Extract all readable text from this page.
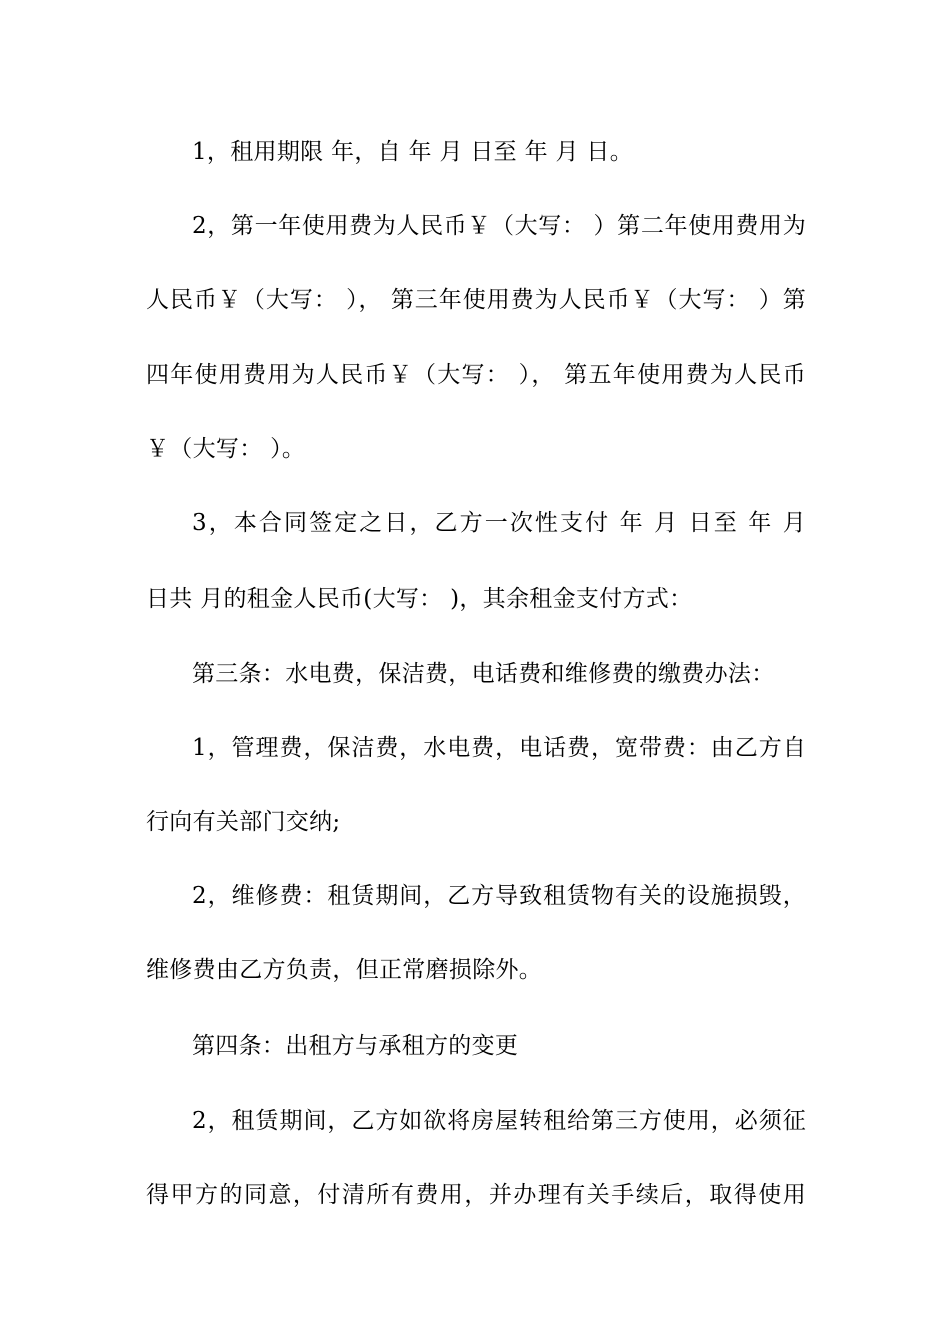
1，租用期限 年，自 年 月 日至 年 月 日。
2，第一年使用费为人民币￥（大写： ）第二年使用费用为
人民币￥（大写： ）， 第三年使用费为人民币￥（大写： ）第
四年使用费用为人民币￥（大写： ）， 第五年使用费为人民币
￥（大写： ）。
3，本合同签定之日，乙方一次性支付 年 月 日至 年 月
日共 月的租金人民币(大写： )，其余租金支付方式：
第三条：水电费，保洁费，电话费和维修费的缴费办法：
1，管理费，保洁费，水电费，电话费，宽带费：由乙方自
行向有关部门交纳;
2，维修费：租赁期间，乙方导致租赁物有关的设施损毁，
维修费由乙方负责，但正常磨损除外。
第四条：出租方与承租方的变更
2，租赁期间，乙方如欲将房屋转租给第三方使用，必须征
得甲方的同意，付清所有费用，并办理有关手续后，取得使用
